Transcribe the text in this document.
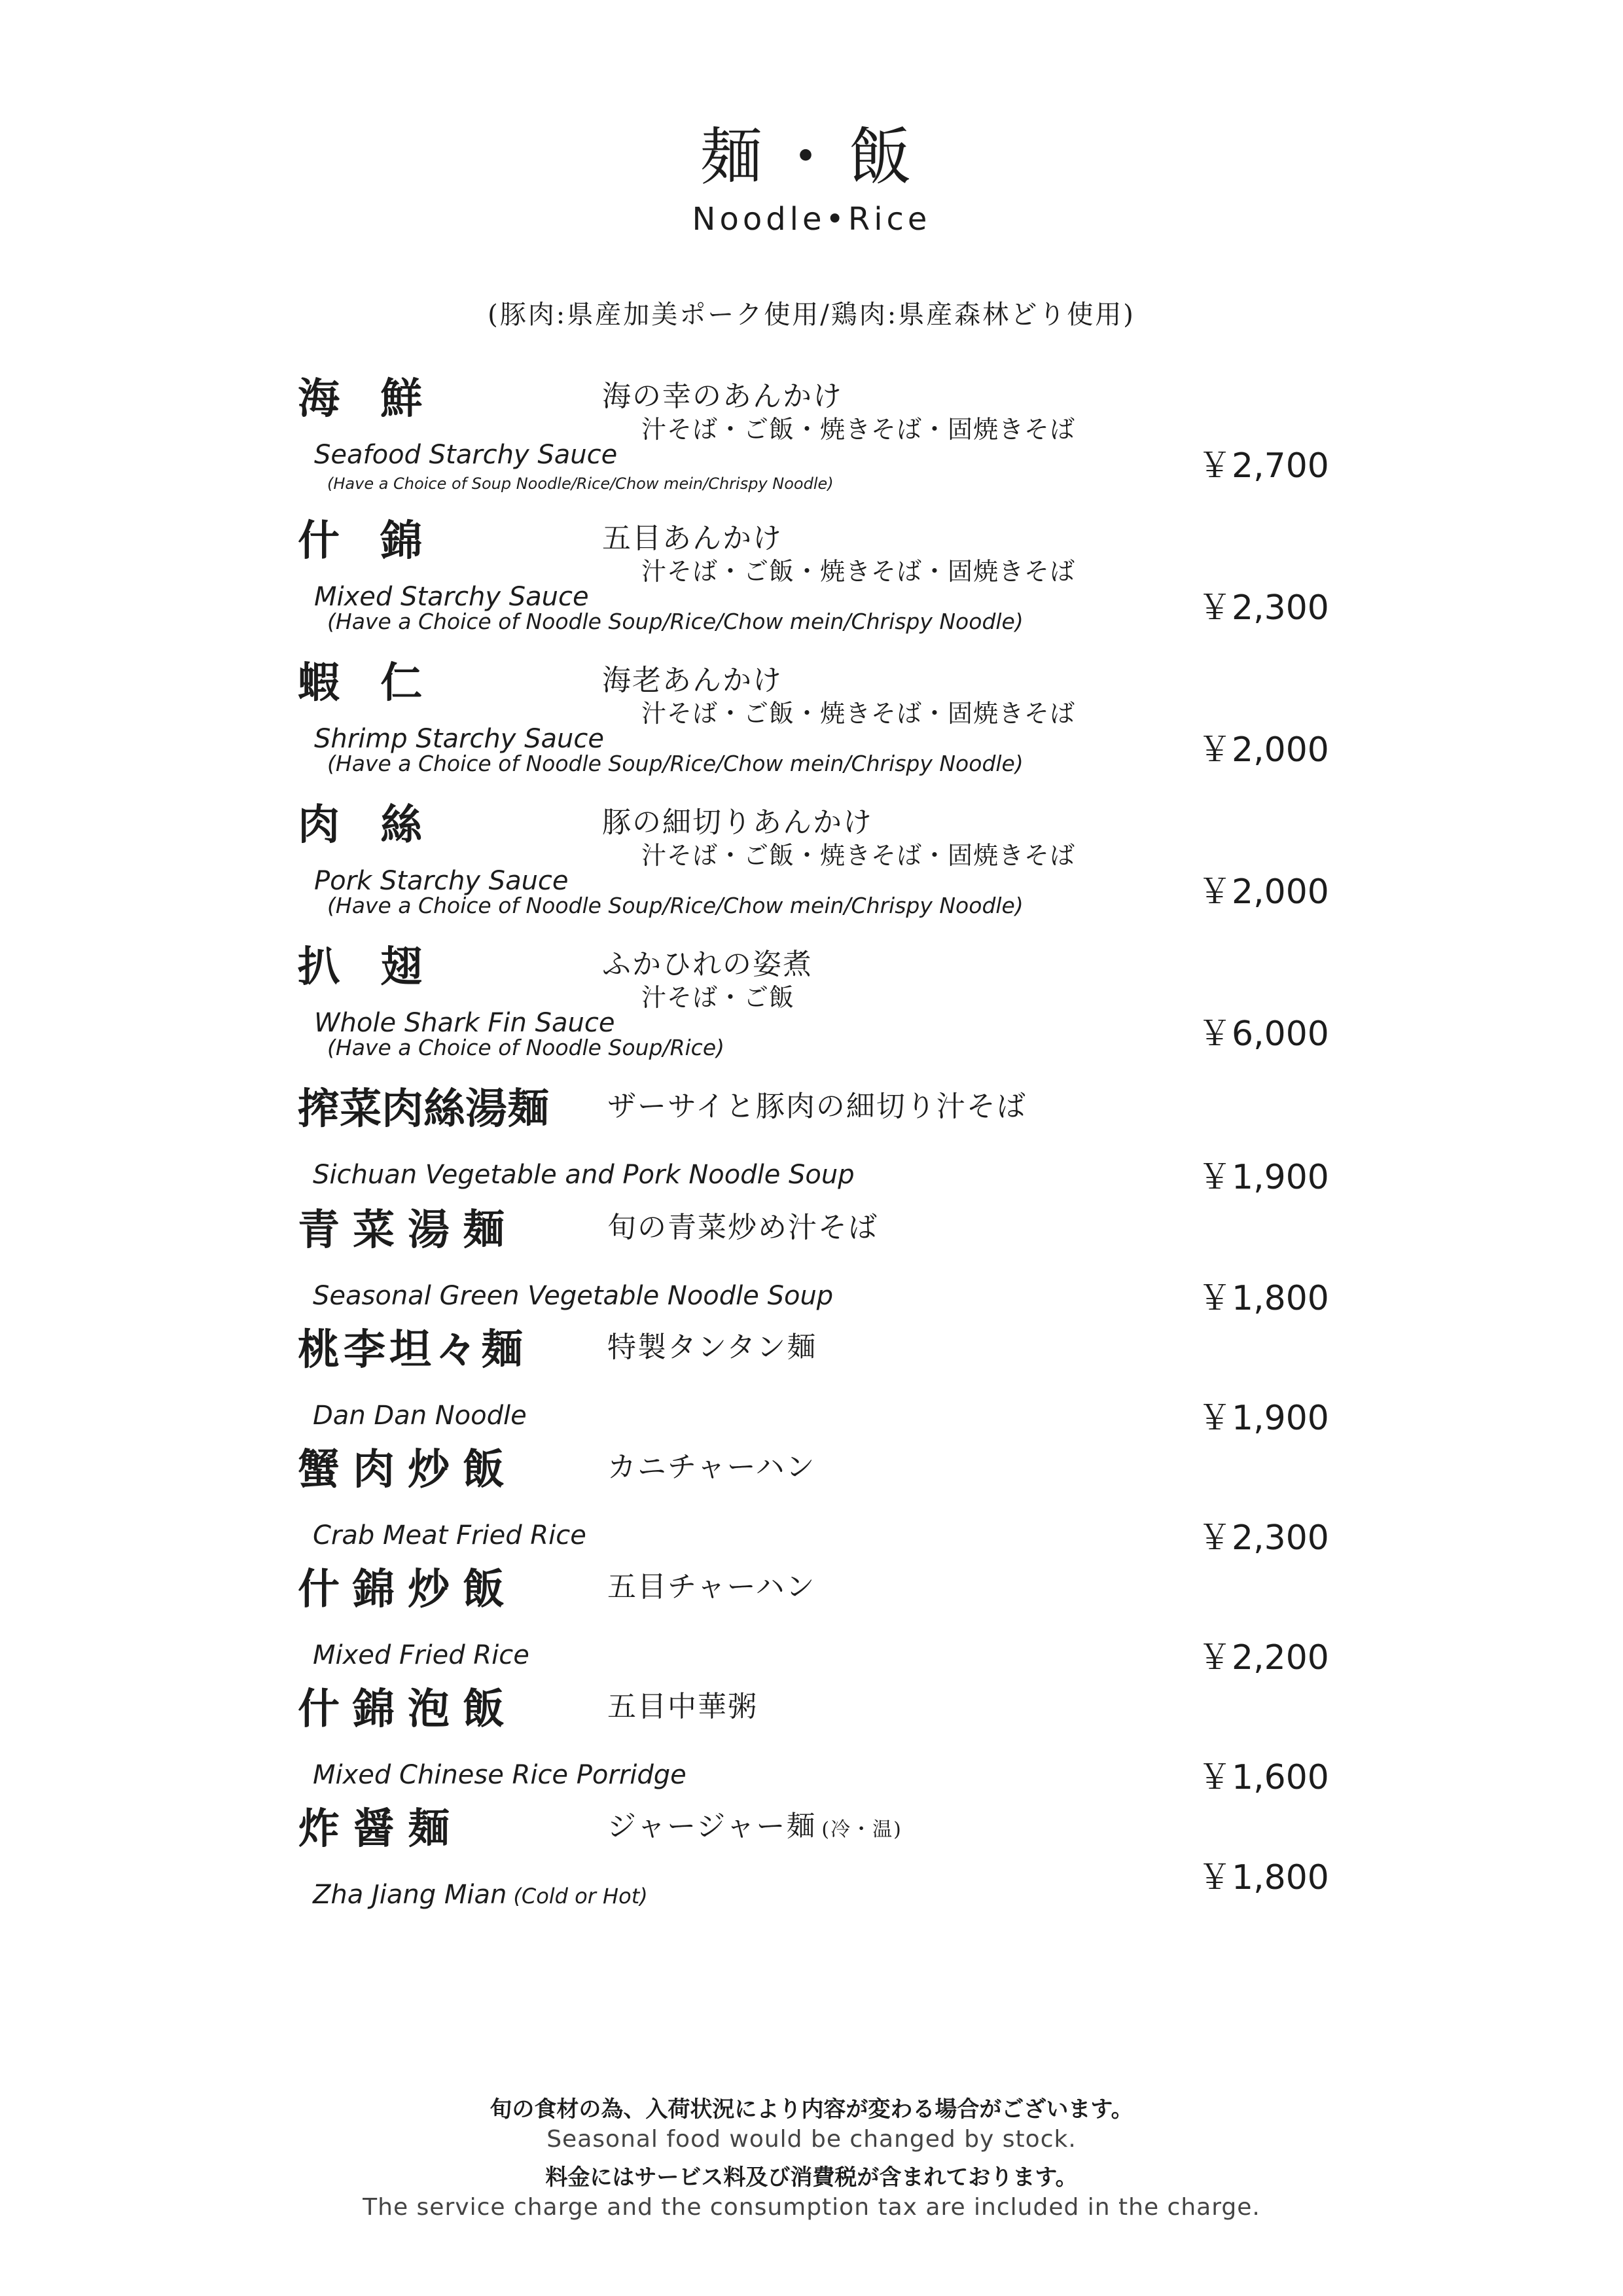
麺・飯
Noodle•Rice
(豚肉:県産加美ポーク使用/鶏肉:県産森林どり使用)
海 鮮	海の幸のあんかけ
汁そば・ご飯・焼きそば・固焼きそば
Seafood Starchy Sauce
(Have a Choice of Soup Noodle/Rice/Chow mein/Chrispy Noodle)	￥2,700
什 錦	五目あんかけ
汁そば・ご飯・焼きそば・固焼きそば
Mixed Starchy Sauce
(Have a Choice of Noodle Soup/Rice/Chow mein/Chrispy Noodle)	￥2,300
蝦 仁	海老あんかけ
汁そば・ご飯・焼きそば・固焼きそば
Shrimp Starchy Sauce
(Have a Choice of Noodle Soup/Rice/Chow mein/Chrispy Noodle)	￥2,000
肉 絲	豚の細切りあんかけ
汁そば・ご飯・焼きそば・固焼きそば
Pork Starchy Sauce
(Have a Choice of Noodle Soup/Rice/Chow mein/Chrispy Noodle)	￥2,000
扒 翅	ふかひれの姿煮
汁そば・ご飯
Whole Shark Fin Sauce
(Have a Choice of Noodle Soup/Rice)	￥6,000
搾菜肉絲湯麺 ザーサイと豚肉の細切り汁そば
Sichuan Vegetable and Pork Noodle Soup	￥1,900
青菜湯麺	旬の青菜炒め汁そば
Seasonal Green Vegetable Noodle Soup	￥1,800
桃李坦々麺	特製タンタン麺
Dan Dan Noodle	￥1,900
蟹肉炒飯	カニチャーハン
Crab Meat Fried Rice	￥2,300
什錦炒飯	五目チャーハン
Mixed Fried Rice	￥2,200
什錦泡飯	五目中華粥
Mixed Chinese Rice Porridge	￥1,600
炸醤麺	ジャージャー麺 (冷・温)
Zha Jiang Mian (Cold or Hot)	￥1,800
旬の食材の為、入荷状況により内容が変わる場合がございます。
Seasonal food would be changed by stock.
料金にはサービス料及び消費税が含まれております。
The service charge and the consumption tax are included in the charge.
